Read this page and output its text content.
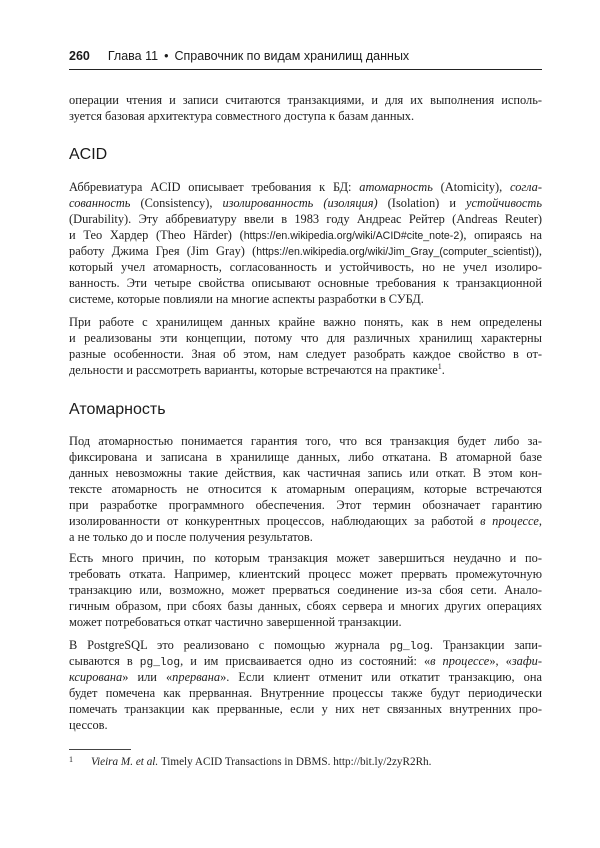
260 Глава 11 • Справочник по видам хранилищ данных
операции чтения и записи считаются транзакциями, и для их выполнения исполь-
зуется базовая архитектура совместного доступа к базам данных.
ACID
Аббревиатура ACID описывает требования к БД: атомарность (Atomicity), согла-
сованность (Consistency), изолированность (изоляция) (Isolation) и устойчивость
(Durability). Эту аббревиатуру ввели в 1983 году Андреас Рейтер (Andreas Reuter)
и Тео Хардер (Theo Härder) (https://en.wikipedia.org/wiki/ACID#cite_note-2), опираясь на
работу Джима Грея (Jim Gray) (https://en.wikipedia.org/wiki/Jim_Gray_(computer_scientist)),
который учел атомарность, согласованность и устойчивость, но не учел изолиро-
ванность. Эти четыре свойства описывают основные требования к транзакционной
системе, которые повлияли на многие аспекты разработки в СУБД.
При работе с хранилищем данных крайне важно понять, как в нем определены
и реализованы эти концепции, потому что для различных хранилищ характерны
разные особенности. Зная об этом, нам следует разобрать каждое свойство в от-
дельности и рассмотреть варианты, которые встречаются на практике$^1$.
Атомарность
Под атомарностью понимается гарантия того, что вся транзакция будет либо за-
фиксирована и записана в хранилище данных, либо откатана. В атомарной базе
данных невозможны такие действия, как частичная запись или откат. В этом кон-
тексте атомарность не относится к атомарным операциям, которые встречаются
при разработке программного обеспечения. Этот термин обозначает гарантию
изолированности от конкурентных процессов, наблюдающих за работой в процессе,
а не только до и после получения результатов.
Есть много причин, по которым транзакция может завершиться неудачно и по-
требовать отката. Например, клиентский процесс может прервать промежуточную
транзакцию или, возможно, может прерваться соединение из-за сбоя сети. Анало-
гичным образом, при сбоях базы данных, сбоях сервера и многих других операциях
может потребоваться откат частично завершенной транзакции.
В PostgreSQL это реализовано с помощью журнала pg_log. Транзакции запи-
сываются в pg_log, и им присваивается одно из состояний: «в процессе», «зафи-
ксирована» или «прервана». Если клиент отменит или откатит транзакцию, она
будет помечена как прерванная. Внутренние процессы также будут периодически
помечать транзакции как прерванные, если у них нет связанных внутренних про-
цессов.
1 Vieira M. et al. Timely ACID Transactions in DBMS. http://bit.ly/2zyR2Rh.
